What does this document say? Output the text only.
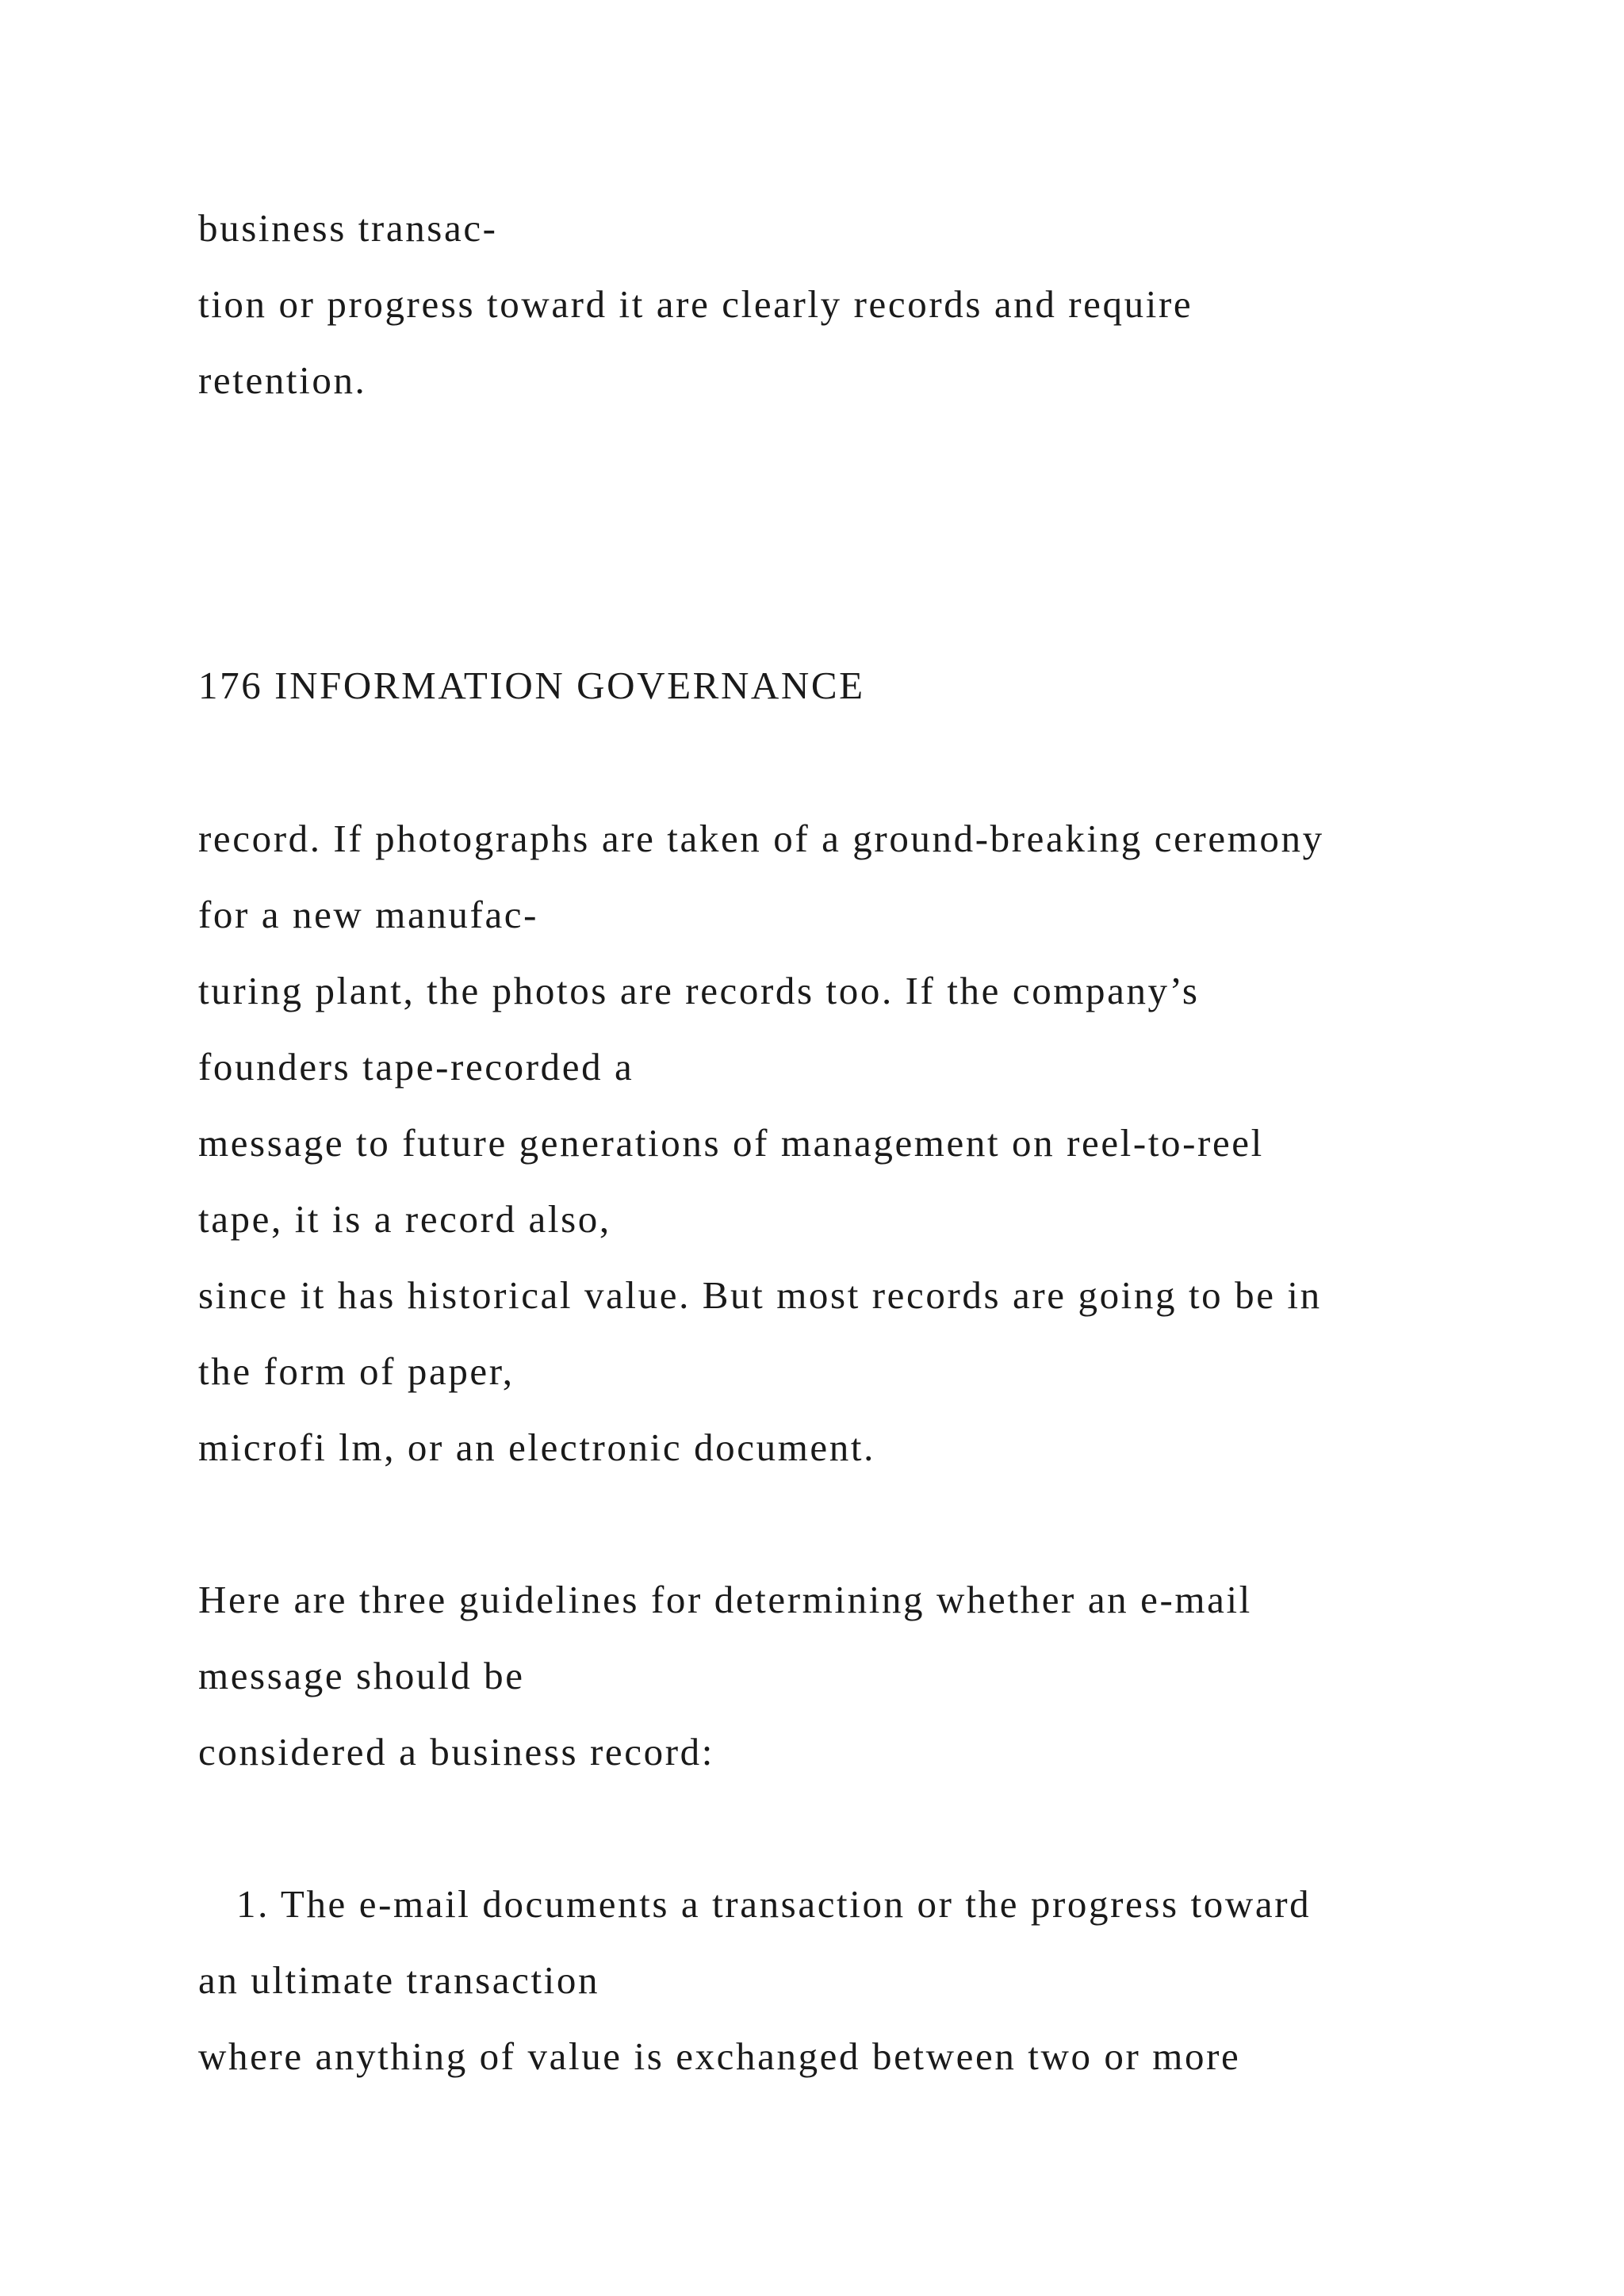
business transac-
tion or progress toward it are clearly records and require
retention.
176 INFORMATION GOVERNANCE
record. If photographs are taken of a ground-breaking ceremony
for a new manufac-
turing plant, the photos are records too. If the company’s
founders tape-recorded a
message to future generations of management on reel-to-reel
tape, it is a record also,
since it has historical value. But most records are going to be in
the form of paper,
microfi lm, or an electronic document.
Here are three guidelines for determining whether an e-mail
message should be
considered a business record:
1. The e-mail documents a transaction or the progress toward
an ultimate transaction
where anything of value is exchanged between two or more
